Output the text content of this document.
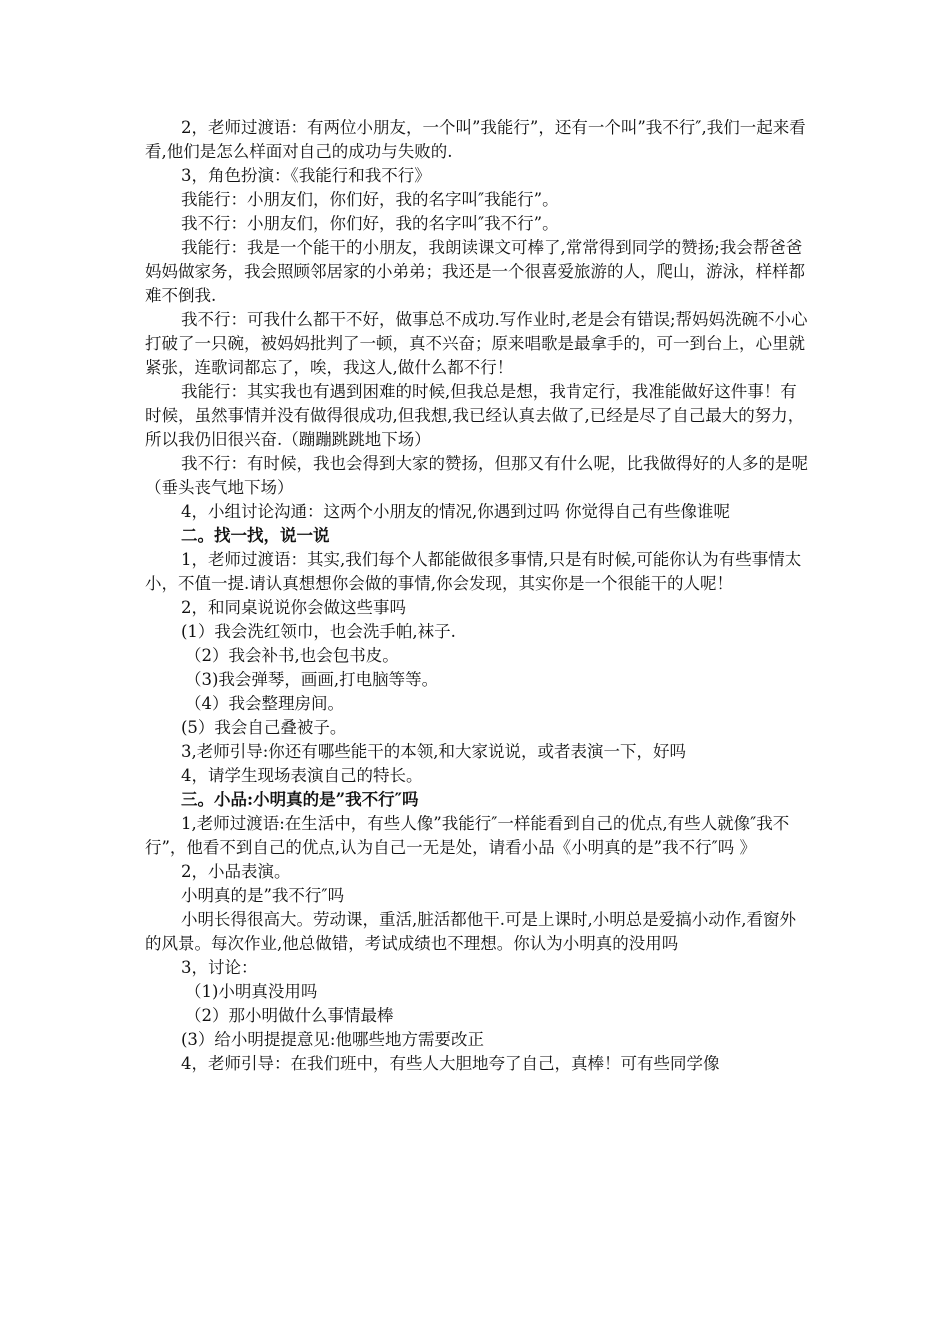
2，老师过渡语：有两位小朋友，一个叫”我能行”，还有一个叫”我不行″,我们一起来看看,他们是怎么样面对自己的成功与失败的.

3，角色扮演：《我能行和我不行》

我能行：小朋友们，你们好，我的名字叫″我能行”。

我不行：小朋友们，你们好，我的名字叫″我不行”。

我能行：我是一个能干的小朋友，我朗读课文可棒了,常常得到同学的赞扬;我会帮爸爸妈妈做家务，我会照顾邻居家的小弟弟；我还是一个很喜爱旅游的人，爬山，游泳，样样都难不倒我.

我不行：可我什么都干不好，做事总不成功.写作业时,老是会有错误;帮妈妈洗碗不小心打破了一只碗，被妈妈批判了一顿，真不兴奋；原来唱歌是最拿手的，可一到台上，心里就紧张，连歌词都忘了，唉，我这人,做什么都不行！

我能行：其实我也有遇到困难的时候,但我总是想，我肯定行，我准能做好这件事！有时候，虽然事情并没有做得很成功,但我想,我已经认真去做了,已经是尽了自己最大的努力，所以我仍旧很兴奋.（蹦蹦跳跳地下场）

我不行：有时候，我也会得到大家的赞扬，但那又有什么呢，比我做得好的人多的是呢 （垂头丧气地下场）

4，小组讨论沟通：这两个小朋友的情况,你遇到过吗 你觉得自己有些像谁呢

二。找一找，说一说

1，老师过渡语：其实,我们每个人都能做很多事情,只是有时候,可能你认为有些事情太小，不值一提.请认真想想你会做的事情,你会发现，其实你是一个很能干的人呢！

2，和同桌说说你会做这些事吗

(1）我会洗红领巾，也会洗手帕,袜子.

（2）我会补书,也会包书皮。

（3)我会弹琴，画画,打电脑等等。

（4）我会整理房间。

(5）我会自己叠被子。

3,老师引导:你还有哪些能干的本领,和大家说说，或者表演一下，好吗

4，请学生现场表演自己的特长。

三。小品:小明真的是”我不行″吗

1,老师过渡语:在生活中，有些人像”我能行″一样能看到自己的优点,有些人就像″我不行”，他看不到自己的优点,认为自己一无是处，请看小品《小明真的是”我不行″吗 》

2，小品表演。

小明真的是”我不行″吗

小明长得很高大。劳动课，重活,脏活都他干.可是上课时,小明总是爱搞小动作,看窗外的风景。每次作业,他总做错，考试成绩也不理想。你认为小明真的没用吗

3，讨论：

（1)小明真没用吗

（2）那小明做什么事情最棒

(3）给小明提提意见:他哪些地方需要改正

4，老师引导：在我们班中，有些人大胆地夸了自己，真棒！可有些同学像
